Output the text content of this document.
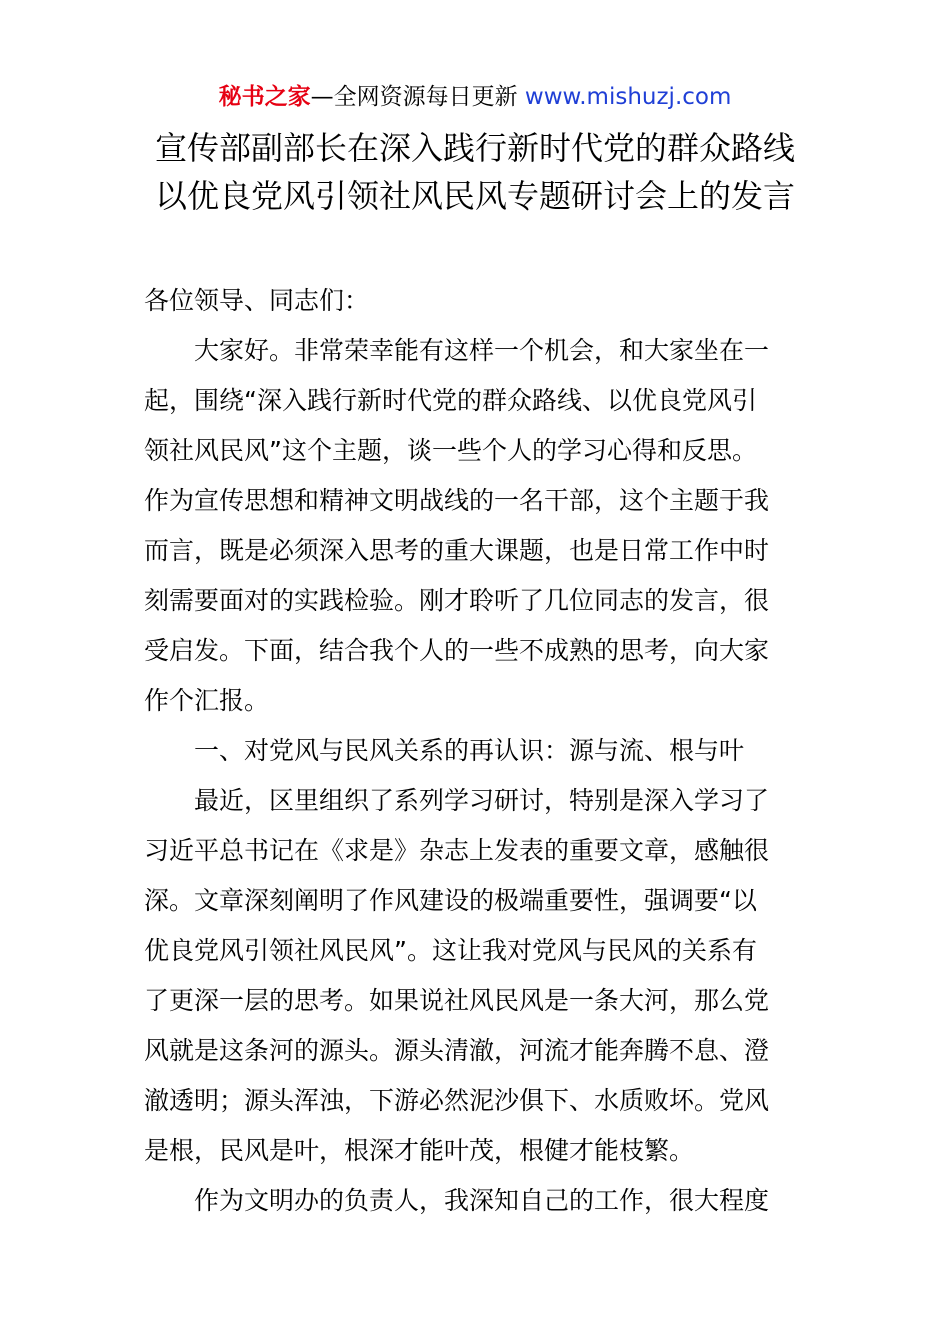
秘书之家—全网资源每日更新 www.mishuzj.com
宣传部副部长在深入践行新时代党的群众路线
以优良党风引领社风民风专题研讨会上的发言
各位领导、同志们：
大家好。非常荣幸能有这样一个机会，和大家坐在一
起，围绕“深入践行新时代党的群众路线、以优良党风引
领社风民风”这个主题，谈一些个人的学习心得和反思。
作为宣传思想和精神文明战线的一名干部，这个主题于我
而言，既是必须深入思考的重大课题，也是日常工作中时
刻需要面对的实践检验。刚才聆听了几位同志的发言，很
受启发。下面，结合我个人的一些不成熟的思考，向大家
作个汇报。
一、对党风与民风关系的再认识：源与流、根与叶
最近，区里组织了系列学习研讨，特别是深入学习了
习近平总书记在《求是》杂志上发表的重要文章，感触很
深。文章深刻阐明了作风建设的极端重要性，强调要“以
优良党风引领社风民风”。这让我对党风与民风的关系有
了更深一层的思考。如果说社风民风是一条大河，那么党
风就是这条河的源头。源头清澈，河流才能奔腾不息、澄
澈透明；源头浑浊，下游必然泥沙俱下、水质败坏。党风
是根，民风是叶，根深才能叶茂，根健才能枝繁。
作为文明办的负责人，我深知自己的工作，很大程度
